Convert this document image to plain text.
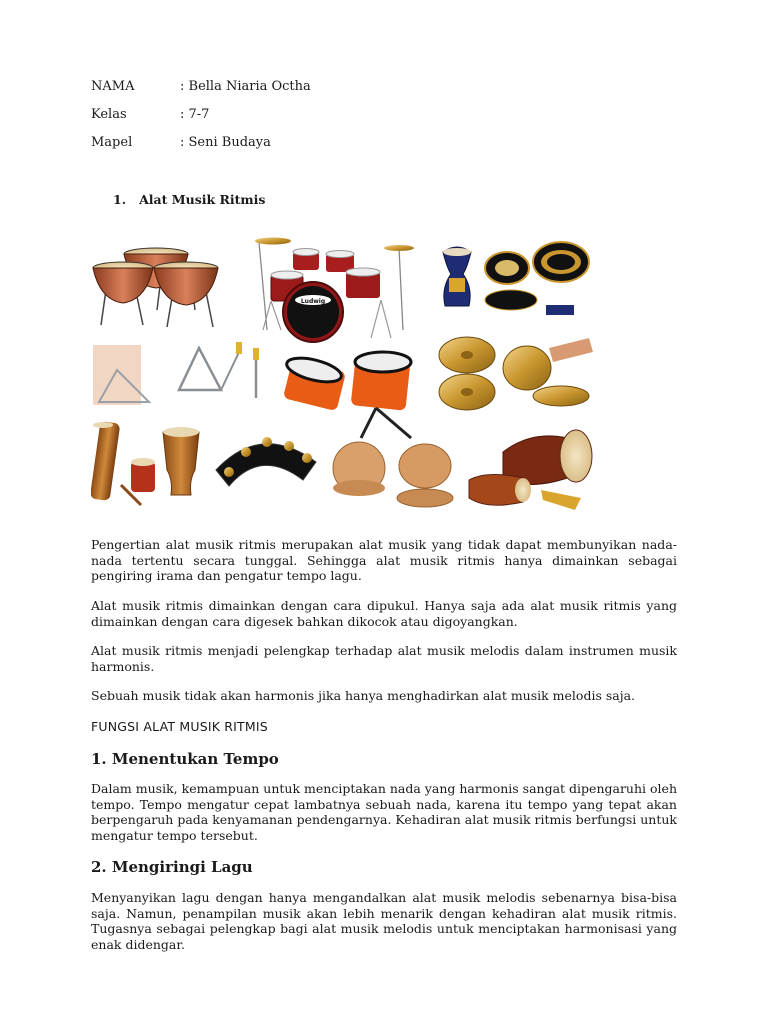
NAMA	: Bella Niaria Octha
Kelas	: 7-7
Mapel	: Seni Budaya
1.   Alat Musik Ritmis
Ludwig

Pengertian alat musik ritmis merupakan alat musik yang tidak dapat membunyikan nada-nada tertentu secara tunggal. Sehingga alat musik ritmis hanya dimainkan sebagai pengiring irama dan pengatur tempo lagu.

Alat musik ritmis dimainkan dengan cara dipukul. Hanya saja ada alat musik ritmis yang dimainkan dengan cara digesek bahkan dikocok atau digoyangkan.

Alat musik ritmis menjadi pelengkap terhadap alat musik melodis dalam instrumen musik harmonis.

Sebuah musik tidak akan harmonis jika hanya menghadirkan alat musik melodis saja.

FUNGSI ALAT MUSIK RITMIS
1. Menentukan Tempo

Dalam musik, kemampuan untuk menciptakan nada yang harmonis sangat dipengaruhi oleh tempo. Tempo mengatur cepat lambatnya sebuah nada, karena itu tempo yang tepat akan berpengaruh pada kenyamanan pendengarnya. Kehadiran alat musik ritmis berfungsi untuk mengatur tempo tersebut.

2. Mengiringi Lagu

Menyanyikan lagu dengan hanya mengandalkan alat musik melodis sebenarnya bisa-bisa saja. Namun, penampilan musik akan lebih menarik dengan kehadiran alat musik ritmis. Tugasnya sebagai pelengkap bagi alat musik melodis untuk menciptakan harmonisasi yang enak didengar.
